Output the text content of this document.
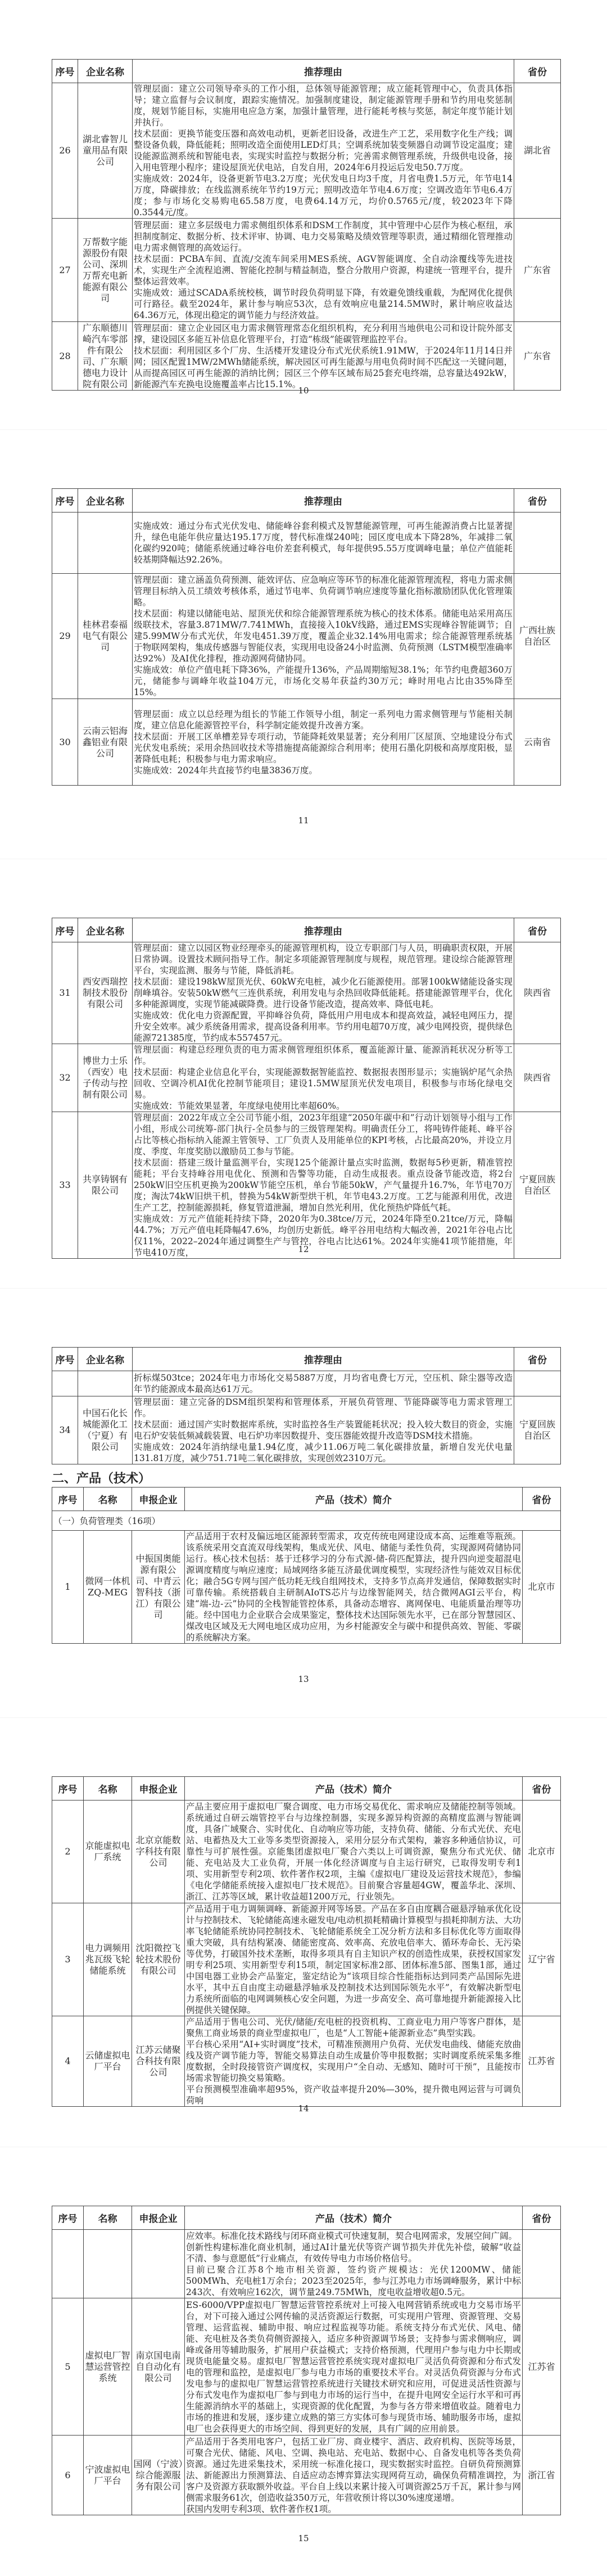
序号	企业名称	推荐理由	省份
26	湖北睿智儿童用品有限公司	管理层面：建立公司领导牵头的工作小组，总体领导能源管理；成立能耗管理中心，负责具体指导；建立监督与会议制度，跟踪实施情况。加强制度建设，制定能源管理手册和节约用电奖惩制度，规划节能目标，实施用电应急方案，加强计量管理，进行能耗考核与奖惩，制定年度节能计划并执行。
技术层面：更换节能变压器和高效电动机，更新老旧设备，改进生产工艺，采用数字化生产线；调整设备负载，降低能耗；照明改造全面使用LED灯具；空调系统加装变频器自动调节设定温度；建设能源监测系统和智能电表，实现实时监控与数据分析；完善需求侧管理系统，升级供电设备，接入用电管理小程序；建设屋顶光伏电站，自发自用，2024年6月投运后发电50.7万度。
实施成效：2024年，设备更新节电3.2万度；光伏发电日均3千度，月省电费1.5万元，年节电14万度，降碳排放；在线监测系统年节约19万元；照明改造年节电4.6万度；空调改造年节电6.4万度；参与市场化交易购电65.58万度，电费64.14万元，均价0.5765元/度，较2023年下降0.3544元/度。	湖北省
27	万帮数字能源股份有限公司、深圳万帮充电新能源有限公司	管理层面：建立多层级电力需求侧组织体系和DSM工作制度，其中管理中心层作为核心枢纽，承担制度制定、数据分析、技术评审、协调、电力交易策略及绩效管理等职责，通过精细化管理推动电力需求侧管理的高效运行。
技术层面：PCBA车间、直流/交流车间采用MES系统、AGV智能调度、全自动涂覆线等先进技术，实现生产全流程追溯、智能化控制与精益制造，整合分散用户资源，构建统一管理平台，提升整体运营效率。
实施成效：通过SCADA系统校核，调节时段负荷明显下降，有效避免馈线重载，为配网优化提供可行路径。截至2024年，累计参与响应53次，总有效响应电量214.5MW时，累计响应收益达64.36万元，体现出稳定的调节能力与经济效益。	广东省
28	广东顺德川崎汽车零部件有限公司、广东顺德电力设计院有限公司	管理层面：建立企业园区电力需求侧管理常态化组织机构，充分利用当地供电公司和设计院外部支撑，建设园区多能互补信息化管理平台，打造“栋级”能碳管理监控平台。
技术层面：利用园区多个厂房、生活楼开发建设分布式光伏系统1.91MW，于2024年11月14日并网；园区配置1MW/2MWh储能系统，解决园区可再生能源与用电负荷时间不匹配这一关键问题，从而提高园区可再生能源的消纳比例；园区三个停车区域布局25套充电终端，总容量达492kW，新能源汽车充换电设施覆盖率占比15.1%。	广东省
10
序号	企业名称	推荐理由	省份

		实施成效：通过分布式光伏发电、储能峰谷套利模式及智慧能源管理，可再生能源消费占比显著提升，绿色电能年供应量达195.17万度，替代标准煤240吨；园区度电成本下降28%，年减排二氧化碳约920吨；储能系统通过峰谷电价差套利模式，每年提供95.55万度调峰电量；单位产值能耗较基期降幅达92.26%。	

29	桂林君泰福电气有限公司	管理层面：建立涵盖负荷预测、能效评估、应急响应等环节的标准化能源管理流程，将电力需求侧管理目标纳入员工绩效考核体系，通过节电率、负荷调节响应速度等量化指标激励团队优化管理策略。
技术层面：构建以储能电站、屋顶光伏和综合能源管理系统为核心的技术体系。储能电站采用高压级联技术，容量3.871MW/7.741MWh，直接接入10kV线路，通过EMS实现峰谷智能调节；自建5.99MW分布式光伏，年发电451.39万度，覆盖企业32.14%用电需求；综合能源管理系统基于物联网架构，集成传感器与智能仪表，实现用电设备24小时监测、负荷预测（LSTM模型准确率达92%）及AI优化排程，推动源网荷储协同。
实施成效：单位产值电耗下降36%，产能提升136%，产品周期缩短38.1%；年节约电费超360万元，储能参与调峰年收益104万元，市场化交易年获益约30万元；峰时用电占比由35%降至15%。	广西壮族自治区
30	云南云铝海鑫铝业有限公司	管理层面：成立以总经理为组长的节能工作领导小组，制定一系列电力需求侧管理与节能相关制度，建立信息化能源管控平台，科学制定能效提升改善方案。
技术层面：开展工区单槽差异专项行动，节能降耗效果显著；充分利用厂区屋顶、空地建设分布式光伏发电系统；采用余热回收技术等措施提高能源综合利用率；使用石墨化阴极和高厚度阳极，显著降低电耗；积极参与电力需求响应。
实施成效：2024年共直接节约电量3836万度。	云南省
11
序号	企业名称	推荐理由	省份
31	西安西瑞控制技术股份有限公司	管理层面：建立以园区物业经理牵头的能源管理机构，设立专职部门与人员，明确职责权限，开展日常协调。设置技术顾问指导工作。制定多项能源管理制度与规程，规范管理。建设综合能源管理平台，实现监测、服务与节能，降低消耗。
技术层面：建设198kW屋顶光伏、60kW充电桩，减少化石能源使用。部署100kW储能设备实现削峰填谷。安装50kW燃气三连供系统，利用发电与余热回收降低能耗。搭建能源管理平台，优化多种能源调度，实现节能减碳降费。进行设备节能改造，提高效率、降低电耗。
实施成效：优化电力资源配置，平抑峰谷负荷，降低用户用电成本和提高效益，减轻电网压力，提升安全效率。减少系统备用需求，提高设备利用率。节约用电超70万度，减少电网投资，提供绿色能源721385度，节约成本557457元。	陕西省
32	博世力士乐（西安）电子传动与控制有限公司	管理层面：构建总经理负责的电力需求侧管理组织体系，覆盖能源计量、能源消耗状况分析等工作。
技术层面：构建企业信息化平台，实现能源数据智能监控、数据报表图形显示；实施锅炉尾气余热回收、空调冷机AI优化控制节能项目；建设1.5MW屋顶光伏发电项目，积极参与市场化绿电交易。
实施成效：节能效果显著，年度绿电使用比率超60%。	陕西省
33	共享铸钢有限公司	管理层面：2022年成立全公司节能小组，2023年组建“2050年碳中和”行动计划领导小组与工作小组，形成公司统筹-部门执行-全员参与的三级管理架构。明确责任分工，将吨铸件能耗、峰平谷占比等核心指标纳入能源主管领导、工厂负责人及用能单位的KPI考核，占比最高20%，并设立月度、季度、年度奖励以激励员工参与节能。
技术层面：搭建三级计量监测平台，实现125个能源计量点实时监测，数据每5秒更新，精准管控能耗；平台支持峰谷用电优化、预测和告警等功能，自动生成报表。重点设备节能改造，将2台250kW旧空压机更换为200kW节能空压机，单台节能50kW，产气量提升16.7%，年节电70万度；淘汰74kW旧烘干机，替换为54kW新型烘干机，年节电43.2万度。工艺与能源利用优，改进生产工艺，控制能源损耗，修复管道泄漏，增加自然光利用，优化预热炉降低气耗。
实施成效：万元产值能耗持续下降，2020年为0.38tce/万元，2024年降至0.21tce/万元，降幅44.7%；万元产值电耗降幅47.6%，均创历史新低。峰平谷用电结构大幅改善，2021年谷电占比仅11%，2022–2024年通过调整生产与管控，谷电占比达61%。2024年实施41项节能措施，年节电410万度，	宁夏回族自治区
12
序号	企业名称	推荐理由	省份

		折标煤503tce；2024年电力市场化交易5887万度，月均省电费七万元，空压机、除尘器等改造年节约能源成本最高达61万元。	

34	中国石化长城能源化工（宁夏）有限公司	管理层面：建立完备的DSM组织架构和管理体系，开展负荷管理、节能降碳等电力需求管理工作。
技术层面：通过国产实时数据库系统，实时监控各生产装置能耗状况；投入较大数目的资金，实施电石炉安装低频减载装置、电石炉功率因数提升、变压器能效提升改造等DSM技术措施。
实施成效：2024年消纳绿电量1.94亿度，减少11.06万吨二氧化碳排放量，新增自发光伏电量131.81万度，减少751.71吨二氧化碳排放，实现创效2310万元。	宁夏回族自治区
二、产品（技术）
序号	名称	申报企业	产品（技术）简介	省份
（一）负荷管理类（16项）				
1	微网一体机ZQ-MEG	中振国奥能源有限公司、中青云智科技（浙江）有限公司	产品适用于农村及偏远地区能源转型需求，攻克传统电网建设成本高、运维难等瓶颈。该系统采用交直流双母线架构，集成光伏、风电、储能与柔性负荷，实现源网荷储协同运行。核心技术包括：基于迁移学习的分布式源-储-荷匹配算法，提升四向逆变超混电源调度精度与响应速度；局域网络多能互济最优调度模型，实现经济性与能效双目标优化；融合5G专网与国产低功耗无线自组网技术，支持多节点高并发通信，保障数据实时可靠传输。系统搭载自主研制AIoTS芯片与边缘智能网关，结合微网AGI云平台，构建“端-边-云”协同的全栈智能管控体系，具备动态增容、离网保电、电能质量治理等功能。经中国电力企业联合会成果鉴定，整体技术达国际领先水平，已在部分智慧园区、煤改电区域及无大网电地区成功应用，为乡村能源安全与碳中和提供高效、智能、零碳的系统解决方案。	北京市
13
序号	名称	申报企业	产品（技术）简介	省份
2	京能虚拟电厂系统	北京京能数字科技有限公司	产品主要应用于虚拟电厂聚合调度、电力市场交易优化、需求响应及储能控制等领域。系统通过自研云端管控平台与边缘控制器，实现多源异构资源的高精度监测与智能调度，具备广域聚合、实时优化、自动响应等功能，支持负荷、储能、分布式光伏、充电站、电蓄热及大工业等多类型资源接入，采用分层分布式架构，兼容多种通信协议，可靠性与可扩展性强。京能集团虚拟电厂聚合六类以上可调资源，聚焦分布式光伏、储能、充电站及大工业负荷，开展一体化经济调度与自主运行研究，已取得发明专利1项、实用新型专利2项、软件著作权2项，主编《虚拟电厂建设及运营技术规范》，参编《电化学储能系统接入虚拟电厂技术规范》。目前聚合容量超4GW，覆盖华北、深圳、浙江、江苏等区域，累计收益超1200万元，行业领先。	北京市
3	电力调频用兆瓦级飞轮储能系统	沈阳微控飞轮技术股份有限公司	产品适用于电力调频调峰、新能源并网等场景。产品在多自由度耦合磁悬浮轴承优化设计与控制技术、飞轮储能高速永磁发电/电动机损耗精确计算模型与损耗抑制方法、大功率飞轮储能系统协同控制技术、飞轮储能系统全工况分析方法和多目标优化等方面取得重大突破，具有结构紧凑、储能密度高、效率高、充放电倍率大、循环寿命长、无污染等优势，打破国外技术垄断，取得多项具有自主知识产权的创造性成果，获授权国家发明专利25项、实用新型专利15项，制定国家标准2部、团体标准5部、图集1部，通过中国电器工业协会产品鉴定，鉴定结论为“该项目综合性能指标达到同类产品国际先进水平，其中五自由度主动磁悬浮轴承及控制技术达到国际领先水平”，有效解决新型电力系统所面临的电网调频核心安全问题，为进一步高安全、高可靠地提升新能源接入比例提供关键保障。	辽宁省
4	云储虚拟电厂平台	江苏云储聚合科技有限公司	产品适用于售电公司、光伏/储能/充电桩的投资机构、工商业电力用户等客户群体，是聚焦工商业场景的商业型虚拟电厂，也是“人工智能+能源新业态”典型实践。
平台核心采用“AI+实时调度”技术，可精准预测用户负荷、光伏发电曲线、储能充放曲线及资产调节能力等，智能交易算法自动生成量价等申报数据；实时调度系统采集多维度数据，全时段接管资产调度权，实现用户“全自动、无感知、随时可干预”，且能按市场需求智能切换交易策略。
平台预测模型准确率超95%，资产收益率提升20%—30%，提升微电网运营与可调负荷响	江苏省
14
序号	名称	申报企业	产品（技术）简介	省份

			应效率。标准化技术路线与闭环商业模式可快速复制，契合电网需求，发展空间广阔。
创新性构建标准化商业机制，通过AI计量光伏等资产调节损失并优先补偿，破解“收益不清、参与意愿低”行业痛点，有效传导电力市场价格信号。
目前已聚合江苏8个地市相关资源，签约资产规模达：光伏1200MW、储能500MWh、充电桩1万余台；2023至2025年，参与江苏电力市场调峰服务，累计中标243次、有效响应162次，调节量249.75MWh，度电收益增收超0.5元。	

5	虚拟电厂智慧运营管控系统	南京国电南自自动化有限公司	ES-6000/VPP虚拟电厂智慧运营管控系统对上可接入电网营销系统或电力交易市场平台，对下可接入通过公网传输的灵活资源运行数据，可实现用户管理、资源管理、交易管理、运营监视、辅助申报、响应过程监视等功能。系统支持分布式光伏、风电、储能、充电桩及各类负荷侧资源接入，适应多种资源调节场景；支持参与需求侧响应，调峰或备用等辅助服务，扩展用户获益模式；支持价格预测，代理用户参与电力中长期或现货电能量交易。虚拟电厂智慧运营管控系统实现对虚拟电厂灵活负荷资源和分布式发电的管理和监控，是虚拟电厂参与电力市场的重要技术平台。对灵活负荷资源与分布式发电参与的虚拟电厂智慧运营管控系统进行关键技术研究和应用，可促进灵活性资源与分布式发电作为虚拟电厂参与到电力市场的运行当中，在提升电网安全运行水平和可再生能源消纳水平的基础上，实现资源的优化配置，为参与各方带来增值收益。随着电力市场的推进和发展，逐步建立成熟的第三方实体可参与现货市场、辅助服务市场，虚拟电厂也会获得更大的市场空间、得到更好的发展，具有广阔的应用前景。	江苏省
6	宁波虚拟电厂平台	国网（宁波）综合能源服务有限公司	产品适用于各类用电客户，包括工业厂房、商业楼宇、酒店、政府机构、医院等场景，可聚合光伏、储能、风电、空调、换电站、充电站、数据中心、自备发电机等各类负荷资源。通过先进采集技术，采用统一标准化接口，现实数据实时监控。自研负荷预测算法、新能源出力预测算法、自适应动态博弈算法实现网荷互动，确保负荷精准调控，为客户及资源方获取额外收益。平台自上线以来累计接入可调资源25万千瓦，累计参与网侧需求服务61次，创造收益350万元，年营收预计将以30%速度递增。
获国内发明专利3项、软件著作权1项。	浙江省
15
